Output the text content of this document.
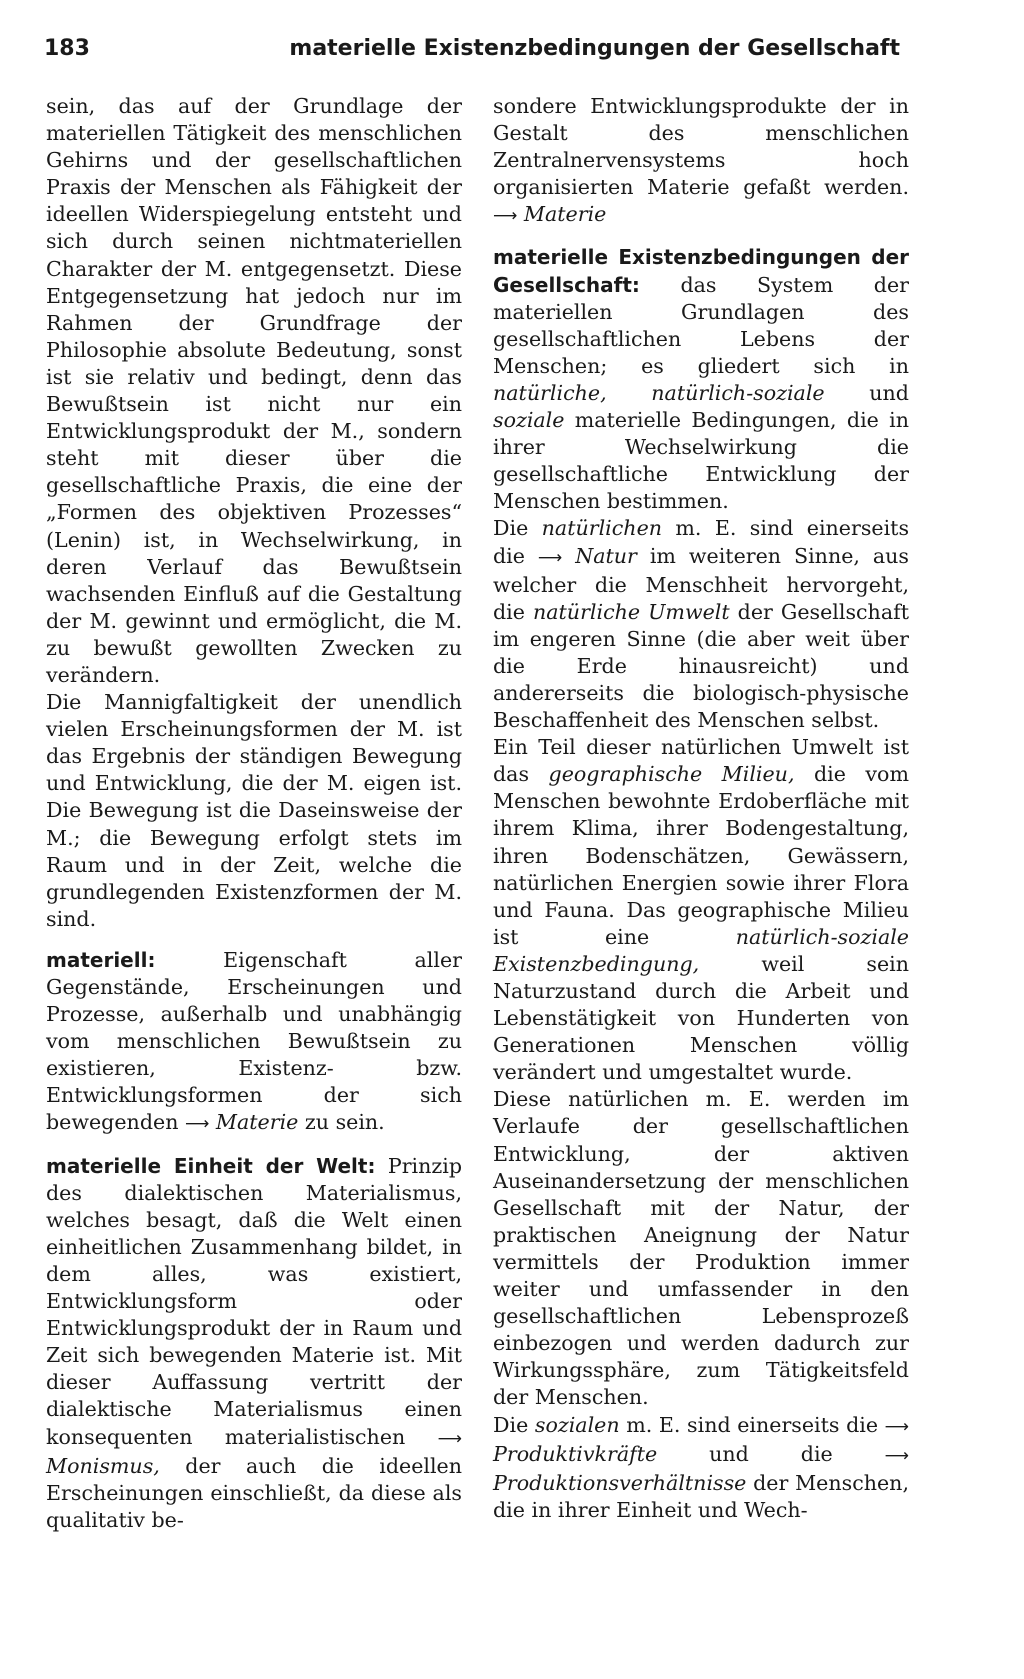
183	materielle Existenzbedingungen der Gesellschaft

sein, das auf der Grundlage der materiellen Tätigkeit des menschlichen Gehirns und der gesellschaftlichen Praxis der Menschen als Fähigkeit der ideellen Widerspiegelung entsteht und sich durch seinen nichtmateriellen Charakter der M. entgegensetzt. Diese Entgegensetzung hat jedoch nur im Rahmen der Grundfrage der Philosophie absolute Bedeutung, sonst ist sie relativ und bedingt, denn das Bewußtsein ist nicht nur ein Entwicklungsprodukt der M., sondern steht mit dieser über die gesellschaftliche Praxis, die eine der „Formen des objektiven Prozesses“ (Lenin) ist, in Wechselwirkung, in deren Verlauf das Bewußtsein wachsenden Einfluß auf die Gestaltung der M. gewinnt und ermöglicht, die M. zu bewußt gewollten Zwecken zu verändern.

Die Mannigfaltigkeit der unendlich vielen Erscheinungsformen der M. ist das Ergebnis der ständigen Bewegung und Entwicklung, die der M. eigen ist. Die Bewegung ist die Daseinsweise der M.; die Bewegung erfolgt stets im Raum und in der Zeit, welche die grundlegenden Existenzformen der M. sind.

materiell:	Eigenschaft aller Gegenstände, Erscheinungen und Prozesse, außerhalb und unabhängig vom menschlichen Bewußtsein zu existieren, Existenz- bzw. Entwicklungsformen der sich bewegenden ⟶ Materie zu sein.

materielle Einheit der Welt: Prinzip des dialektischen Materialismus, welches besagt, daß die Welt einen einheitlichen Zusammenhang bildet, in dem alles, was existiert, Entwicklungsform oder Entwicklungsprodukt der in Raum und Zeit sich bewegenden Materie ist. Mit dieser Auffassung vertritt der dialektische Materialismus einen konsequenten materialistischen ⟶ Monismus, der auch die ideellen Erscheinungen einschließt, da diese als qualitativ be-

sondere Entwicklungsprodukte der in Gestalt des menschlichen Zentralnervensystems hoch organisierten Materie gefaßt werden. ⟶ Materie

materielle Existenzbedingungen der Gesellschaft: das System der materiellen Grundlagen des gesellschaftlichen Lebens der Menschen; es gliedert sich in natürliche, natürlich-soziale und soziale materielle Bedingungen, die in ihrer Wechselwirkung die gesellschaftliche Entwicklung der Menschen bestimmen.

Die natürlichen m. E. sind einerseits die ⟶ Natur im weiteren Sinne, aus welcher die Menschheit hervorgeht, die natürliche Umwelt der Gesellschaft im engeren Sinne (die aber weit über die Erde hinausreicht) und andererseits die biologisch-physische Beschaffenheit des Menschen selbst.

Ein Teil dieser natürlichen Umwelt ist das geographische Milieu, die vom Menschen bewohnte Erdoberfläche mit ihrem Klima, ihrer Bodengestaltung, ihren Bodenschätzen, Gewässern, natürlichen Energien sowie ihrer Flora und Fauna. Das geographische Milieu ist eine	natürlich-soziale Existenzbedingung,	weil sein Naturzustand durch die Arbeit und Lebenstätigkeit von Hunderten von Generationen Menschen völlig verändert und umgestaltet wurde.

Diese natürlichen m. E. werden im Verlaufe der gesellschaftlichen Entwicklung, der aktiven Auseinandersetzung der menschlichen Gesellschaft mit der Natur, der praktischen Aneignung der Natur vermittels der Produktion immer weiter und umfassender in den gesellschaftlichen Lebensprozeß einbezogen und werden dadurch zur Wirkungssphäre, zum Tätigkeitsfeld der Menschen.

Die sozialen m. E. sind einerseits die ⟶ Produktivkräfte	und die	⟶ Produktionsverhältnisse der Menschen, die in ihrer Einheit und Wech-
